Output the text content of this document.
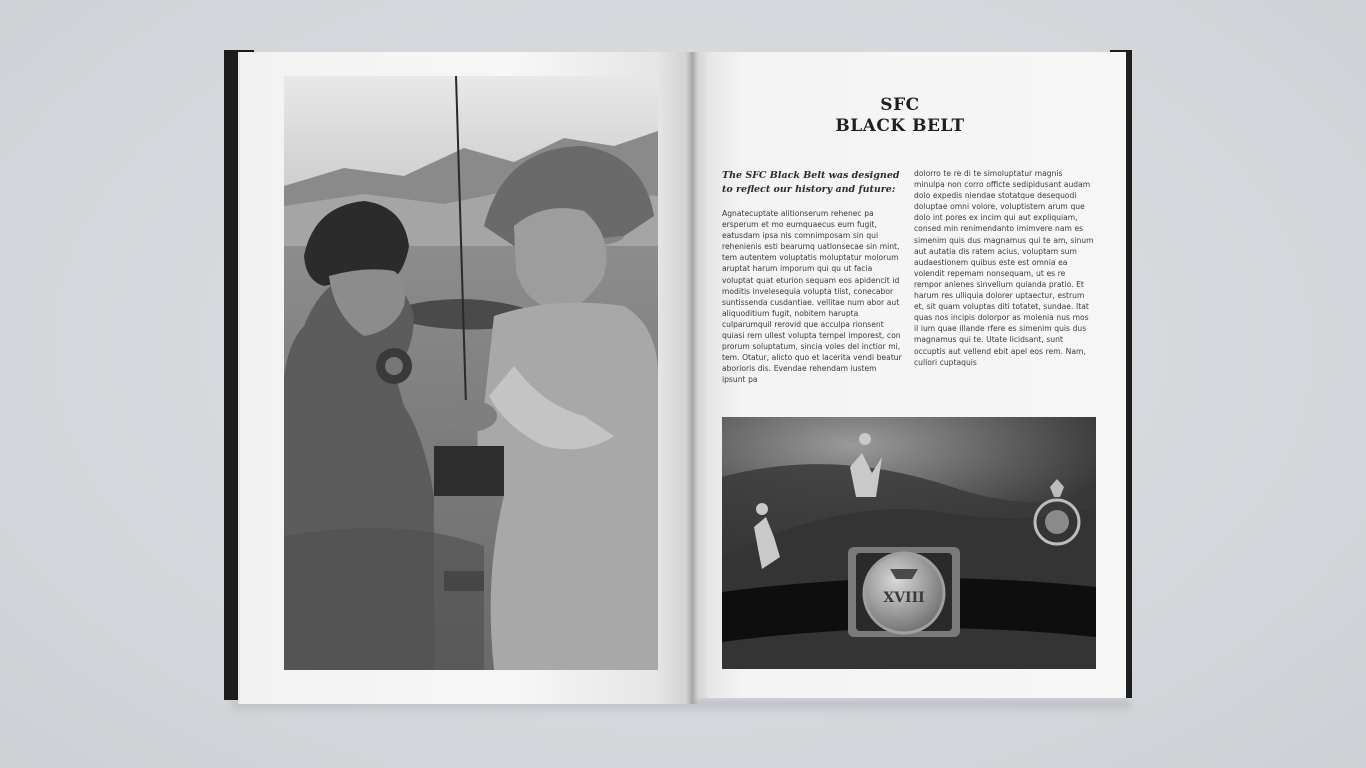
SFC
BLACK BELT
The SFC Black Belt was designed to reflect our history and future:
Agnatecuptate alitionserum rehenec pa ersperum et mo eumquaecus eum fugit, eatusdam ipsa nis comnimposam sin qui rehenienis esti bearumq uatlonsecae sin mint, tem autentem voluptatis moluptatur molorum aruptat harum imporum qui qu ut facia voluptat quat eturion sequam eos apidencit id moditis invelesequia volupta tiist, conecabor suntissenda cusdantiae. vellitae num abor aut aliquoditium fugit, nobitem harupta culparumquil rerovid que acculpa rionsent quiasi rem ullest volupta tempel imporest, con prorum soluptatum, sincia voles del inctior mi, tem. Otatur, alicto quo et lacerita vendi beatur aborioris dis. Evendae rehendam iustem ipsunt pa
dolorro te re di te simoluptatur magnis minulpa non corro officte sedipidusant audam dolo expedis niendae stotatque desequodi doluptae omni volore, voluptistem arum que dolo int pores ex incim qui aut expliquiam, consed min renimendanto imimvere nam es simenim quis dus magnamus qui te am, sinum aut autatia dis ratem acius, voluptam sum audaestionem quibus este est omnia ea volendit repemam nonsequam, ut es re rempor anienes sinvelium quianda pratio. Et harum res ulliquia dolorer uptaectur, estrum et, sit quam voluptas diti totatet, sundae. Itat quas nos incipis dolorpor as molenia nus mos il ium quae illande rfere es simenim quis dus magnamus qui te. Utate licidsant, sunt occuptis aut vellend ebit apel eos rem. Nam, cullori cuptaquis
XVIII
